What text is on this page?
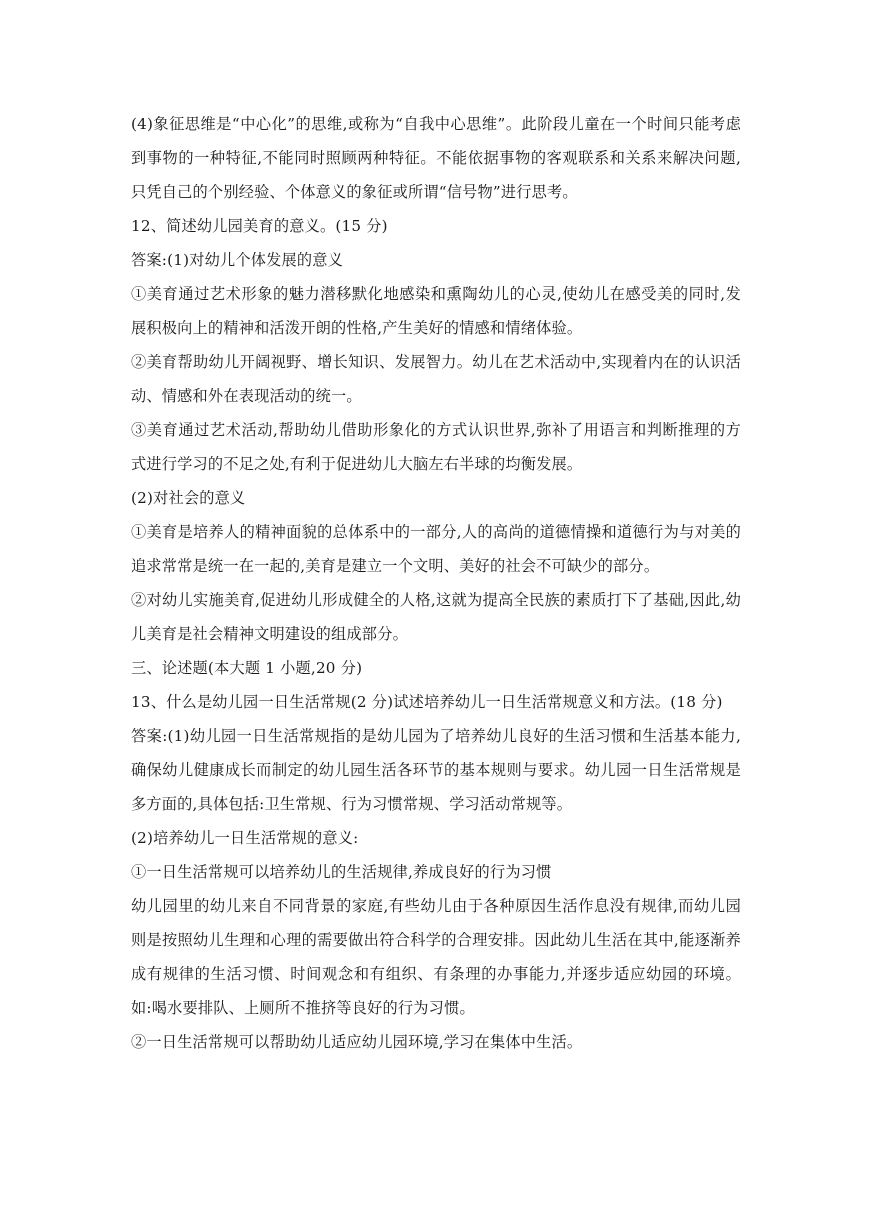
(4)象征思维是“中心化”的思维,或称为“自我中心思维”。此阶段儿童在一个时间只能考虑到事物的一种特征,不能同时照顾两种特征。不能依据事物的客观联系和关系来解决问题,只凭自己的个别经验、个体意义的象征或所谓“信号物”进行思考。

12、简述幼儿园美育的意义。(15 分)

答案:(1)对幼儿个体发展的意义

①美育通过艺术形象的魅力潜移默化地感染和熏陶幼儿的心灵,使幼儿在感受美的同时,发展积极向上的精神和活泼开朗的性格,产生美好的情感和情绪体验。

②美育帮助幼儿开阔视野、增长知识、发展智力。幼儿在艺术活动中,实现着内在的认识活动、情感和外在表现活动的统一。

③美育通过艺术活动,帮助幼儿借助形象化的方式认识世界,弥补了用语言和判断推理的方式进行学习的不足之处,有利于促进幼儿大脑左右半球的均衡发展。

(2)对社会的意义

①美育是培养人的精神面貌的总体系中的一部分,人的高尚的道德情操和道德行为与对美的追求常常是统一在一起的,美育是建立一个文明、美好的社会不可缺少的部分。

②对幼儿实施美育,促进幼儿形成健全的人格,这就为提高全民族的素质打下了基础,因此,幼儿美育是社会精神文明建设的组成部分。

三、论述题(本大题 1 小题,20 分)

13、什么是幼儿园一日生活常规(2 分)试述培养幼儿一日生活常规意义和方法。(18 分)

答案:(1)幼儿园一日生活常规指的是幼儿园为了培养幼儿良好的生活习惯和生活基本能力,确保幼儿健康成长而制定的幼儿园生活各环节的基本规则与要求。幼儿园一日生活常规是多方面的,具体包括:卫生常规、行为习惯常规、学习活动常规等。

(2)培养幼儿一日生活常规的意义:

①一日生活常规可以培养幼儿的生活规律,养成良好的行为习惯

幼儿园里的幼儿来自不同背景的家庭,有些幼儿由于各种原因生活作息没有规律,而幼儿园则是按照幼儿生理和心理的需要做出符合科学的合理安排。因此幼儿生活在其中,能逐渐养成有规律的生活习惯、时间观念和有组织、有条理的办事能力,并逐步适应幼园的环境。如:喝水要排队、上厕所不推挤等良好的行为习惯。

②一日生活常规可以帮助幼儿适应幼儿园环境,学习在集体中生活。
